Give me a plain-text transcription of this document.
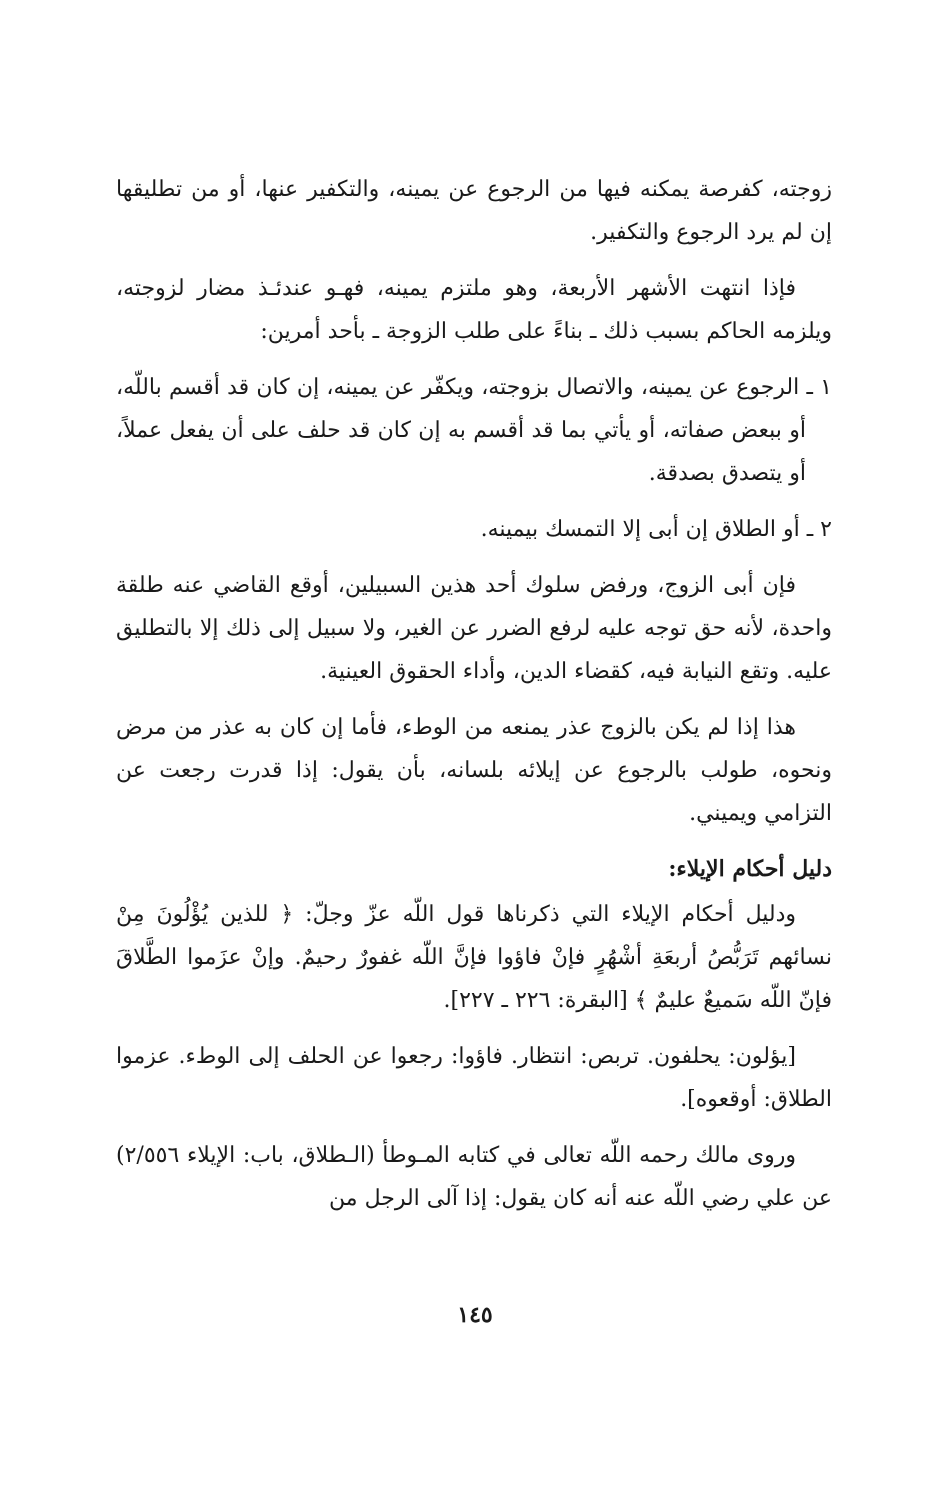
زوجته، كفرصة يمكنه فيها من الرجوع عن يمينه، والتكفير عنها، أو من تطليقها إن لم يرد الرجوع والتكفير.

فإذا انتهت الأشهر الأربعة، وهو ملتزم يمينه، فهـو عندئـذ مضار لزوجته، ويلزمه الحاكم بسبب ذلك ـ بناءً على طلب الزوجة ـ بأحد أمرين:

١ ـ الرجوع عن يمينه، والاتصال بزوجته، ويكفّر عن يمينه، إن كان قد أقسم باللّه، أو ببعض صفاته، أو يأتي بما قد أقسم به إن كان قد حلف على أن يفعل عملاً، أو يتصدق بصدقة.

٢ ـ أو الطلاق إن أبى إلا التمسك بيمينه.

فإن أبى الزوج، ورفض سلوك أحد هذين السبيلين، أوقع القاضي عنه طلقة واحدة، لأنه حق توجه عليه لرفع الضرر عن الغير، ولا سبيل إلى ذلك إلا بالتطليق عليه. وتقع النيابة فيه، كقضاء الدين، وأداء الحقوق العينية.

هذا إذا لم يكن بالزوج عذر يمنعه من الوطء، فأما إن كان به عذر من مرض ونحوه، طولب بالرجوع عن إيلائه بلسانه، بأن يقول: إذا قدرت رجعت عن التزامي ويميني.

دليل أحكام الإيلاء:

ودليل أحكام الإيلاء التي ذكرناها قول اللّه عزّ وجلّ: ﴿ للذين يُؤْلُونَ مِنْ نسائهم تَرَبُّصُ أربعَةِ أشْهُرٍ فإنْ فاؤوا فإنَّ اللّه غفورٌ رحيمٌ. وإنْ عزَموا الطَّلاقَ فإنّ اللّه سَميعٌ عليمٌ ﴾ [البقرة: ٢٢٦ ـ ٢٢٧].

[يؤلون: يحلفون. تربص: انتظار. فاؤوا: رجعوا عن الحلف إلى الوطء. عزموا الطلاق: أوقعوه].

وروى مالك رحمه اللّه تعالى في كتابه المـوطأ (الـطلاق، باب: الإيلاء ٢/٥٥٦) عن علي رضي اللّه عنه أنه كان يقول: إذا آلى الرجل من

١٤٥
